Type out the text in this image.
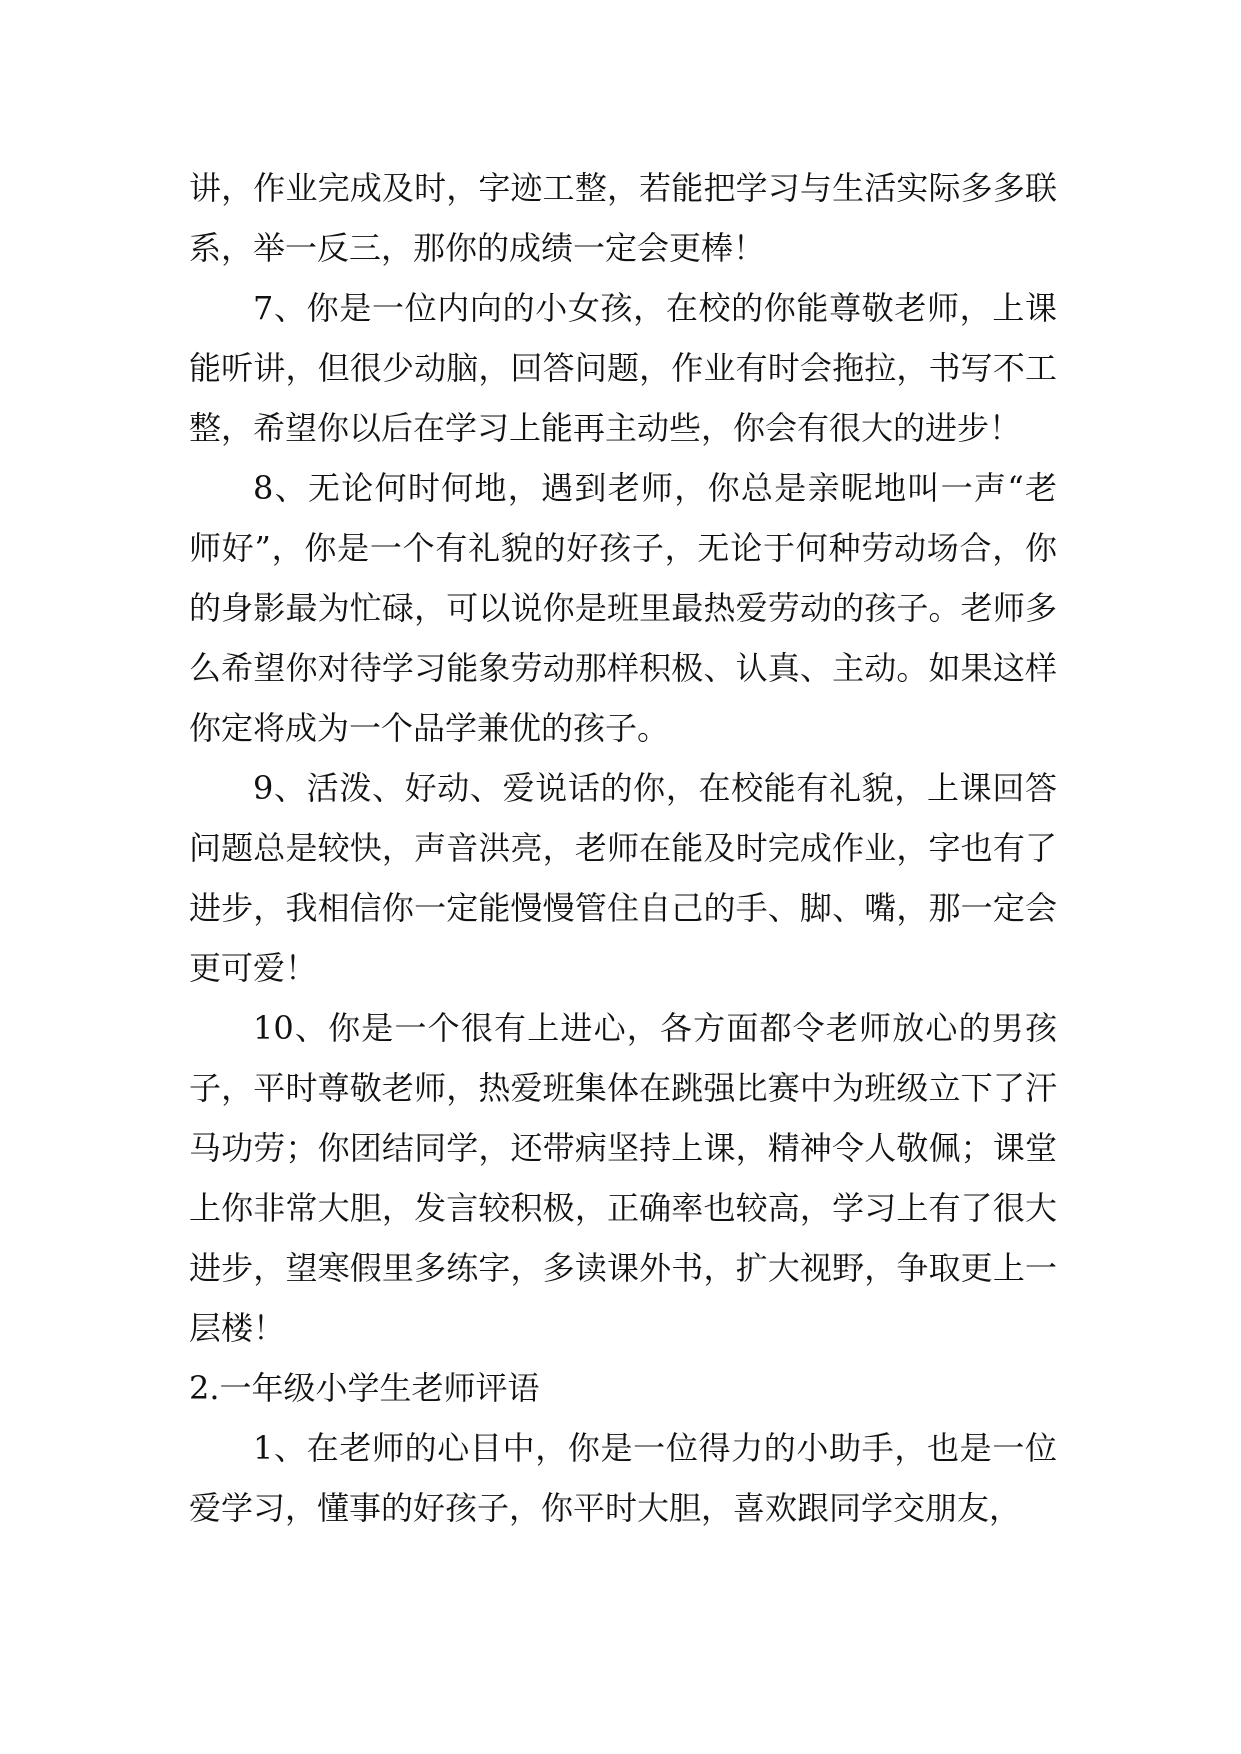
讲，作业完成及时，字迹工整，若能把学习与生活实际多多联系，举一反三，那你的成绩一定会更棒！

7、你是一位内向的小女孩，在校的你能尊敬老师，上课能听讲，但很少动脑，回答问题，作业有时会拖拉，书写不工整，希望你以后在学习上能再主动些，你会有很大的进步！

8、无论何时何地，遇到老师，你总是亲昵地叫一声“老师好”，你是一个有礼貌的好孩子，无论于何种劳动场合，你的身影最为忙碌，可以说你是班里最热爱劳动的孩子。老师多么希望你对待学习能象劳动那样积极、认真、主动。如果这样你定将成为一个品学兼优的孩子。

9、活泼、好动、爱说话的你，在校能有礼貌，上课回答问题总是较快，声音洪亮，老师在能及时完成作业，字也有了进步，我相信你一定能慢慢管住自己的手、脚、嘴，那一定会更可爱！

10、你是一个很有上进心，各方面都令老师放心的男孩子，平时尊敬老师，热爱班集体在跳强比赛中为班级立下了汗马功劳；你团结同学，还带病坚持上课，精神令人敬佩；课堂上你非常大胆，发言较积极，正确率也较高，学习上有了很大进步，望寒假里多练字，多读课外书，扩大视野，争取更上一层楼！

2.一年级小学生老师评语

1、在老师的心目中，你是一位得力的小助手，也是一位爱学习，懂事的好孩子，你平时大胆，喜欢跟同学交朋友，
